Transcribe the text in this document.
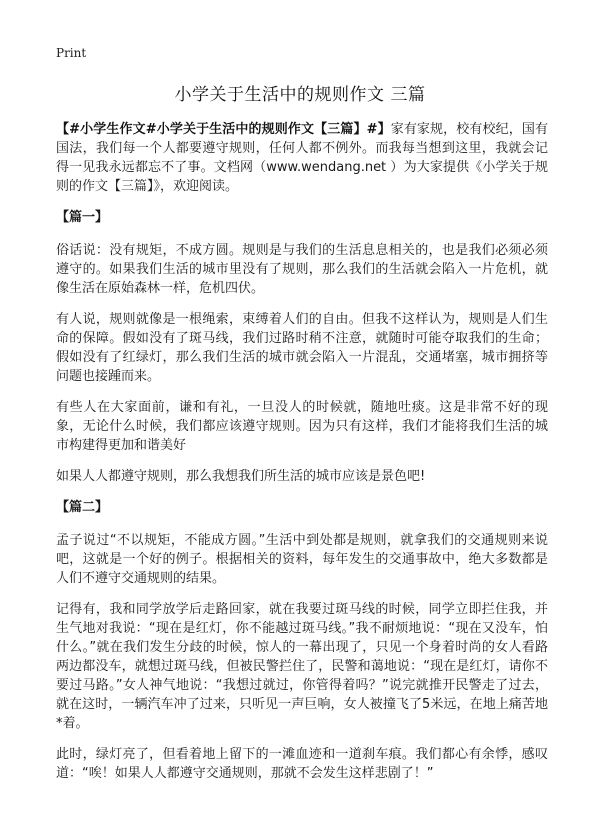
Print
小学关于生活中的规则作文 三篇

【#小学生作文#小学关于生活中的规则作文【三篇】#】家有家规，校有校纪，国有国法，我们每一个人都要遵守规则，任何人都不例外。而我每当想到这里，我就会记得一见我永远都忘不了事。文档网（www.wendang.net ）为大家提供《小学关于规则的作文【三篇】》，欢迎阅读。

【篇一】

俗话说：没有规矩，不成方圆。规则是与我们的生活息息相关的，也是我们必须必须遵守的。如果我们生活的城市里没有了规则，那么我们的生活就会陷入一片危机，就像生活在原始森林一样，危机四伏。

有人说，规则就像是一根绳索，束缚着人们的自由。但我不这样认为，规则是人们生命的保障。假如没有了斑马线，我们过路时稍不注意，就随时可能夺取我们的生命；假如没有了红绿灯，那么我们生活的城市就会陷入一片混乱，交通堵塞，城市拥挤等问题也接踵而来。

有些人在大家面前，谦和有礼，一旦没人的时候就，随地吐痰。这是非常不好的现象，无论什么时候，我们都应该遵守规则。因为只有这样，我们才能将我们生活的城市构建得更加和谐美好

如果人人都遵守规则，那么我想我们所生活的城市应该是景色吧!

【篇二】

孟子说过“不以规矩，不能成方圆。”生活中到处都是规则，就拿我们的交通规则来说吧，这就是一个好的例子。根据相关的资料，每年发生的交通事故中，绝大多数都是人们不遵守交通规则的结果。

记得有，我和同学放学后走路回家，就在我要过斑马线的时候，同学立即拦住我，并生气地对我说：“现在是红灯，你不能越过斑马线。”我不耐烦地说：“现在又没车，怕什么。”就在我们发生分歧的时候，惊人的一幕出现了，只见一个身着时尚的女人看路两边都没车，就想过斑马线，但被民警拦住了，民警和蔼地说：“现在是红灯，请你不要过马路。”女人神气地说：“我想过就过，你管得着吗？”说完就推开民警走了过去，就在这时，一辆汽车冲了过来，只听见一声巨响，女人被撞飞了5米远，在地上痛苦地*着。

此时，绿灯亮了，但看着地上留下的一滩血迹和一道刹车痕。我们都心有余悸，感叹道：“唉！如果人人都遵守交通规则，那就不会发生这样悲剧了！”
